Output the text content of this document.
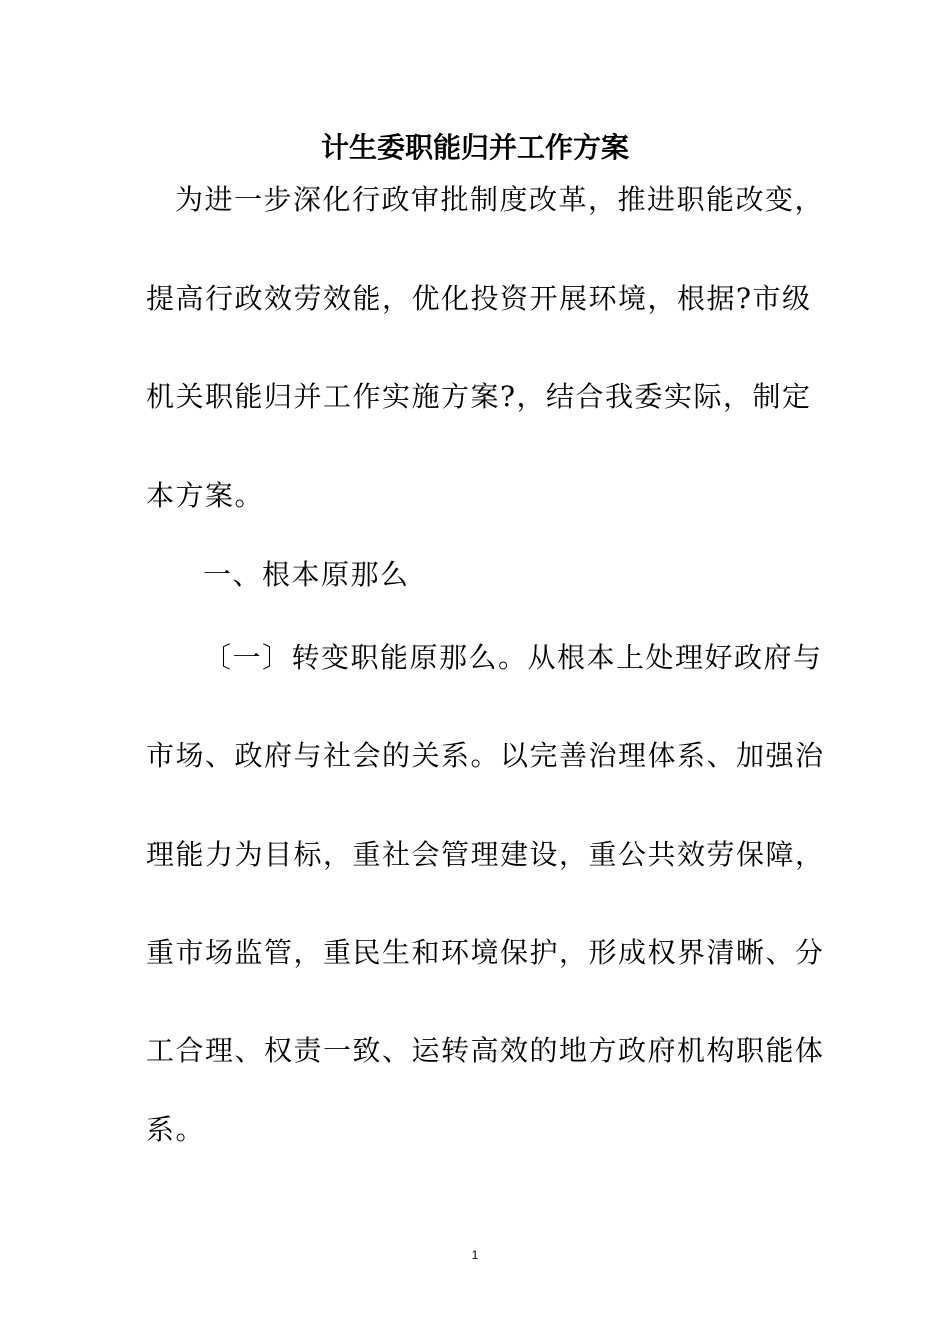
计生委职能归并工作方案

为进一步深化行政审批制度改革，推进职能改变，

提高行政效劳效能，优化投资开展环境，根据?市级

机关职能归并工作实施方案?，结合我委实际，制定

本方案。

一、根本原那么

〔一〕转变职能原那么。从根本上处理好政府与

市场、政府与社会的关系。以完善治理体系、加强治

理能力为目标，重社会管理建设，重公共效劳保障，

重市场监管，重民生和环境保护，形成权界清晰、分

工合理、权责一致、运转高效的地方政府机构职能体

系。

1
